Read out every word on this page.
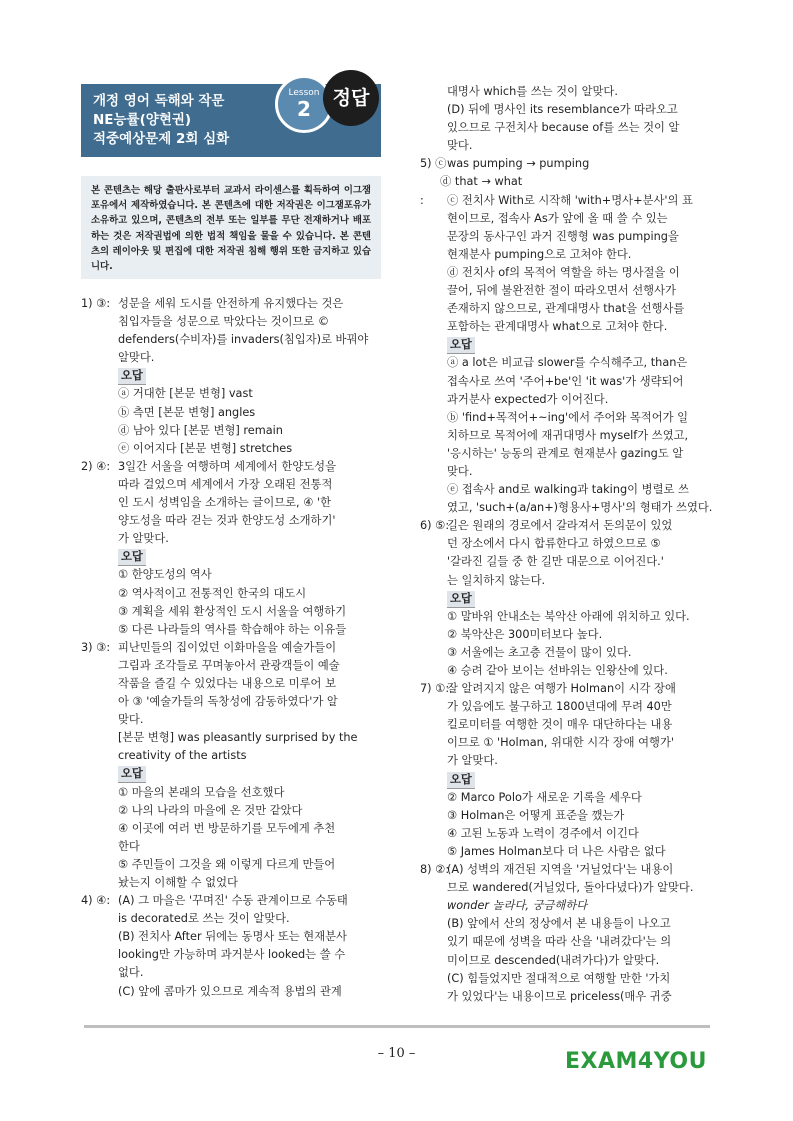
개정 영어 독해와 작문
NE능률(양현권)
적중예상문제 2회 심화
Lesson
2	정답
본 콘텐츠는 해당 출판사로부터 교과서 라이센스를 획득하여 이그잼포유에서 제작하였습니다. 본 콘텐츠에 대한 저작권은 이그잼포유가 소유하고 있으며, 콘텐츠의 전부 또는 일부를 무단 전재하거나 배포하는 것은 저작권법에 의한 법적 책임을 물을 수 있습니다. 본 콘텐츠의 레이아웃 및 편집에 대한 저작권 침해 행위 또한 금지하고 있습니다.
1) ③: 성문을 세워 도시를 안전하게 유지했다는 것은
침입자들을 성문으로 막았다는 것이므로 ©
defenders(수비자)를 invaders(침입자)로 바꿔야
알맞다.
오답
ⓐ 거대한 [본문 변형] vast
ⓑ 측면 [본문 변형] angles
ⓓ 남아 있다 [본문 변형] remain
ⓔ 이어지다 [본문 변형] stretches
2) ④: 3일간 서울을 여행하며 세계에서 한양도성을
따라 걸었으며 세계에서 가장 오래된 전통적
인 도시 성벽임을 소개하는 글이므로, ④ '한
양도성을 따라 걷는 것과 한양도성 소개하기'
가 알맞다.
오답
① 한양도성의 역사
② 역사적이고 전통적인 한국의 대도시
③ 계획을 세워 환상적인 도시 서울을 여행하기
⑤ 다른 나라들의 역사를 학습해야 하는 이유들
3) ③: 피난민들의 집이었던 이화마을을 예술가들이
그림과 조각들로 꾸며놓아서 관광객들이 예술
작품을 즐길 수 있었다는 내용으로 미루어 보
아 ③ '예술가들의 독창성에 감동하였다'가 알
맞다.
[본문 변형] was pleasantly surprised by the
creativity of the artists
오답
① 마을의 본래의 모습을 선호했다
② 나의 나라의 마을에 온 것만 같았다
④ 이곳에 여러 번 방문하기를 모두에게 추천
한다
⑤ 주민들이 그것을 왜 이렇게 다르게 만들어
놨는지 이해할 수 없었다
4) ④: (A) 그 마을은 '꾸며진' 수동 관계이므로 수동태
is decorated로 쓰는 것이 알맞다.
(B) 전치사 After 뒤에는 동명사 또는 현재분사
looking만 가능하며 과거분사 looked는 쓸 수
없다.
(C) 앞에 콤마가 있으므로 계속적 용법의 관계
대명사 which를 쓰는 것이 알맞다.
(D) 뒤에 명사인 its resemblance가 따라오고
있으므로 구전치사 because of를 쓰는 것이 알
맞다.
5) ⓒwas pumping → pumping
ⓓ that → what
: ⓒ 전치사 With로 시작해 'with+명사+분사'의 표
현이므로, 접속사 As가 앞에 올 때 쓸 수 있는
문장의 동사구인 과거 진행형 was pumping을
현재분사 pumping으로 고쳐야 한다.
ⓓ 전치사 of의 목적어 역할을 하는 명사절을 이
끌어, 뒤에 불완전한 절이 따라오면서 선행사가
존재하지 않으므로, 관계대명사 that을 선행사를
포함하는 관계대명사 what으로 고쳐야 한다.
오답
ⓐ a lot은 비교급 slower를 수식해주고, than은
접속사로 쓰여 '주어+be'인 'it was'가 생략되어
과거분사 expected가 이어진다.
ⓑ 'find+목적어+~ing'에서 주어와 목적어가 일
치하므로 목적어에 재귀대명사 myself가 쓰였고,
'응시하는' 능동의 관계로 현재분사 gazing도 알
맞다.
ⓔ 접속사 and로 walking과 taking이 병렬로 쓰
였고, 'such+(a/an+)형용사+명사'의 형태가 쓰였다.
6) ⑤:길은 원래의 경로에서 갈라져서 돈의문이 있었
던 장소에서 다시 합류한다고 하였으므로 ⑤
'갈라진 길들 중 한 길만 대문으로 이어진다.'
는 일치하지 않는다.
오답
① 말바위 안내소는 북악산 아래에 위치하고 있다.
② 북악산은 300미터보다 높다.
③ 서울에는 초고층 건물이 많이 있다.
④ 승려 같아 보이는 선바위는 인왕산에 있다.
7) ①:잘 알려지지 않은 여행가 Holman이 시각 장애
가 있음에도 불구하고 1800년대에 무려 40만
킬로미터를 여행한 것이 매우 대단하다는 내용
이므로 ① 'Holman, 위대한 시각 장애 여행가'
가 알맞다.
오답
② Marco Polo가 새로운 기록을 세우다
③ Holman은 어떻게 표준을 깼는가
④ 고된 노동과 노력이 경주에서 이긴다
⑤ James Holman보다 더 나은 사람은 없다
8) ②:(A) 성벽의 재건된 지역을 '거닐었다'는 내용이
므로 wandered(거닐었다, 돌아다녔다)가 알맞다.
wonder 놀라다, 궁금해하다
(B) 앞에서 산의 정상에서 본 내용들이 나오고
있기 때문에 성벽을 따라 산을 '내려갔다'는 의
미이므로 descended(내려가다)가 알맞다.
(C) 힘들었지만 절대적으로 여행할 만한 '가치
가 있었다'는 내용이므로 priceless(매우 귀중
– 10 –	EXAM4YOU
